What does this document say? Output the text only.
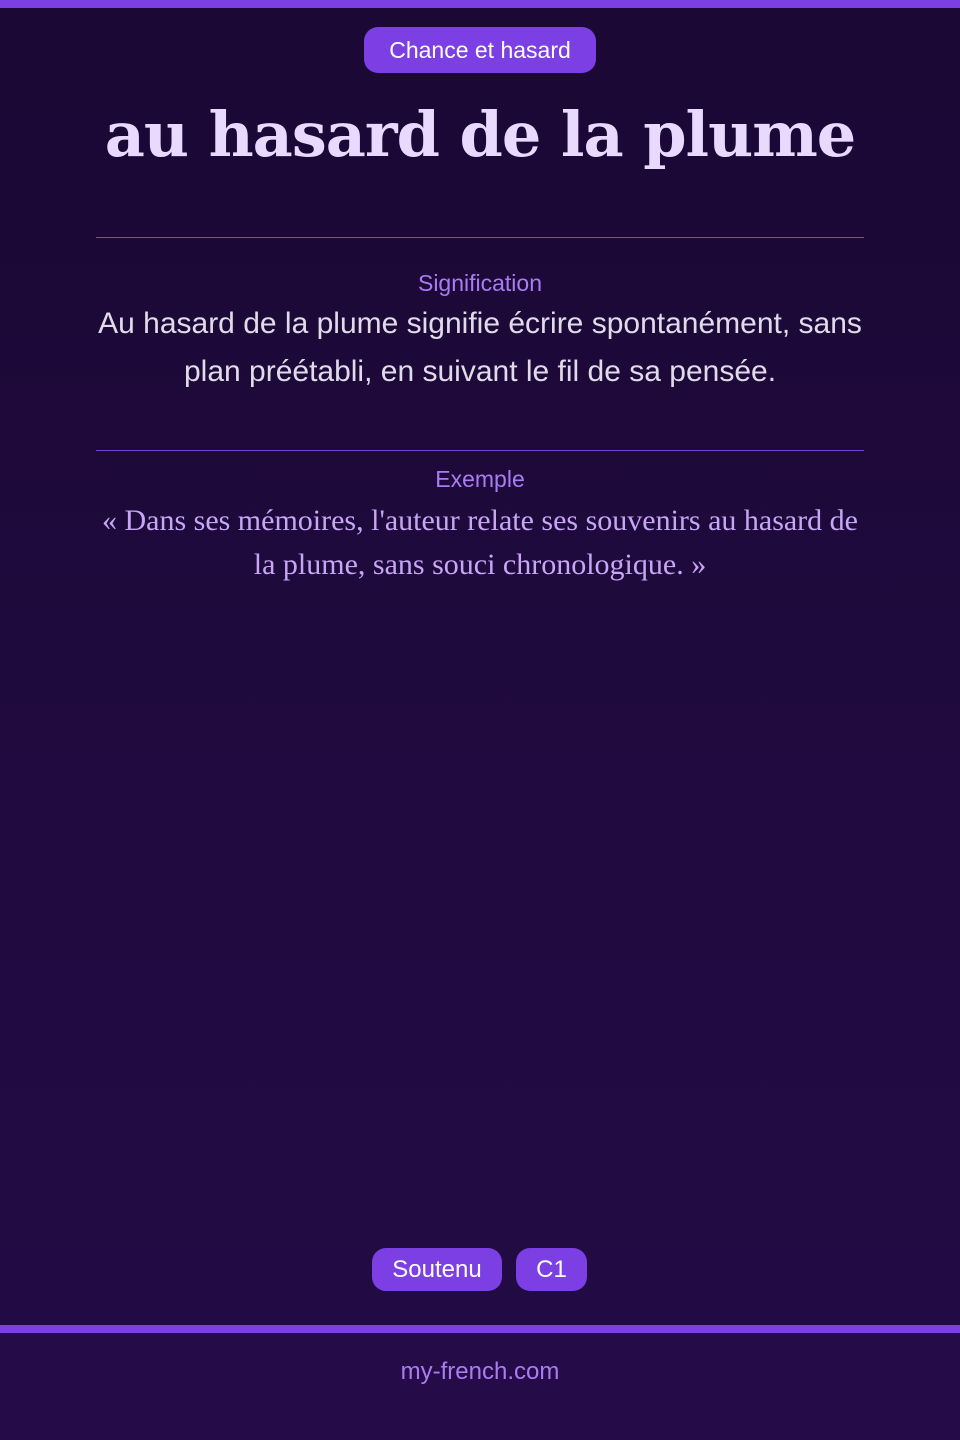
Chance et hasard
au hasard de la plume
Signification

Au hasard de la plume signifie écrire spontanément, sans plan préétabli, en suivant le fil de sa pensée.

Exemple

« Dans ses mémoires, l'auteur relate ses souvenirs au hasard de la plume, sans souci chronologique. »

Soutenu	C1
my-french.com
